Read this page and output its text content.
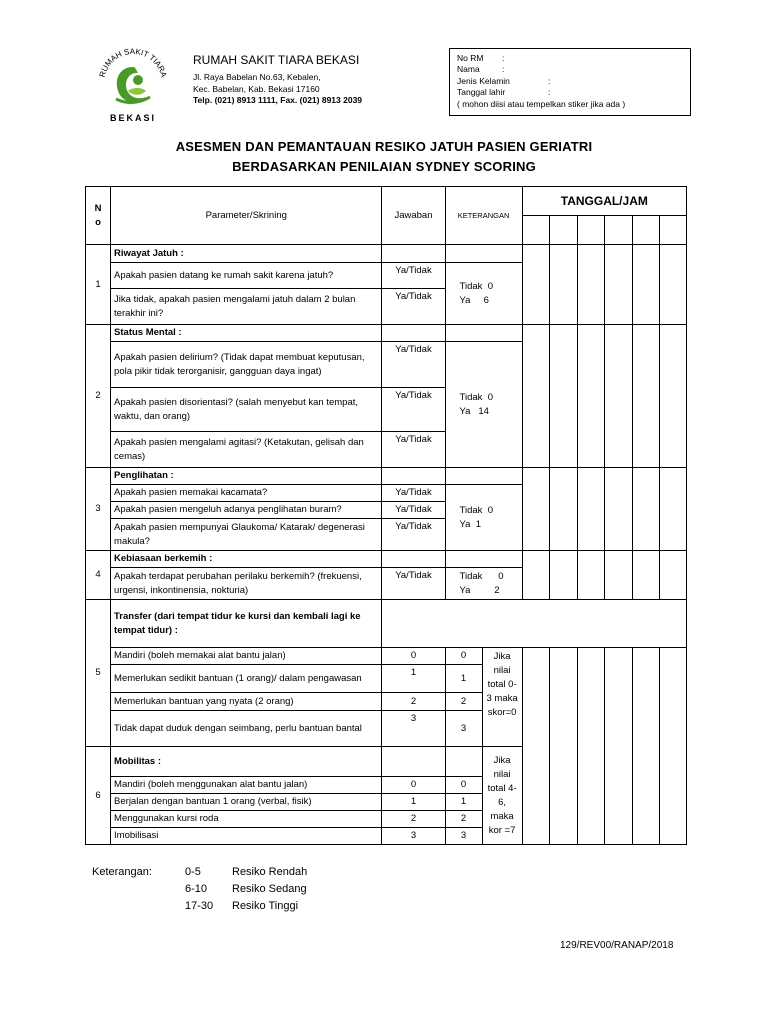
RUMAH SAKIT TIARA
BEKASI
RUMAH SAKIT TIARA BEKASI
Jl. Raya Babelan No.63, Kebalen,
Kec. Babelan, Kab. Bekasi 17160
Telp. (021) 8913 1111, Fax. (021) 8913 2039
No RM :
Nama	:
Jenis Kelamin	:
Tanggal lahir	:
( mohon diisi atau tempelkan stiker jika ada )
ASESMEN DAN PEMANTAUAN RESIKO JATUH PASIEN GERIATRI
BERDASARKAN PENILAIAN SYDNEY SCORING
N o	Parameter/Skrining	Jawaban	KETERANGAN		TANGGAL/JAM					

1	Riwayat Jatuh :									
	Apakah pasien datang ke rumah sakit karena jatuh?	Ya/Tidak	Tidak  0
Ya     6							

	Jika tidak, apakah pasien mengalami jatuh dalam 2 bulan terakhir ini?	Ya/Tidak								
2	Status Mental :									
	Apakah pasien delirium? (Tidak dapat membuat keputusan, pola pikir tidak terorganisir, gangguan daya ingat)	Ya/Tidak	Tidak  0
Ya   14							

	Apakah pasien disorientasi? (salah menyebut kan tempat, waktu, dan orang)	Ya/Tidak								
	Apakah pasien mengalami agitasi? (Ketakutan, gelisah dan cemas)	Ya/Tidak								
3	Penglihatan :									
	Apakah pasien memakai kacamata?	Ya/Tidak	Tidak  0
Ya  1							

	Apakah pasien mengeluh adanya penglihatan buram?	Ya/Tidak								
	Apakah pasien mempunyai Glaukoma/ Katarak/ degenerasi makula?	Ya/Tidak								
4	Kebiasaan berkemih :									
	Apakah terdapat perubahan perilaku berkemih? (frekuensi, urgensi, inkontinensia, nokturia)	Ya/Tidak	Tidak      0
Ya         2							

5	Transfer (dari tempat tidur ke kursi dan kembali lagi ke tempat tidur) :									
	Mandiri (boleh memakai alat bantu jalan)	0	0	Jika nilai total 0-3 maka skor=0						
	Memerlukan sedikit bantuan (1 orang)/ dalam pengawasan	1	1							
	Memerlukan bantuan yang nyata (2 orang)	2	2							
	Tidak dapat duduk dengan seimbang, perlu bantuan bantal	3	3							
6	Mobilitas :			Jika nilai total 4-6, maka kor =7						
	Mandiri (boleh menggunakan alat bantu jalan)	0	0							
	Berjalan dengan bantuan 1 orang (verbal, fisik)	1	1							
	Menggunakan kursi roda	2	2							
	Imobilisasi	3	3							
Keterangan:	0-5	Resiko Rendah
6-10 Resiko Sedang
17-30 Resiko Tinggi
129/REV00/RANAP/2018
